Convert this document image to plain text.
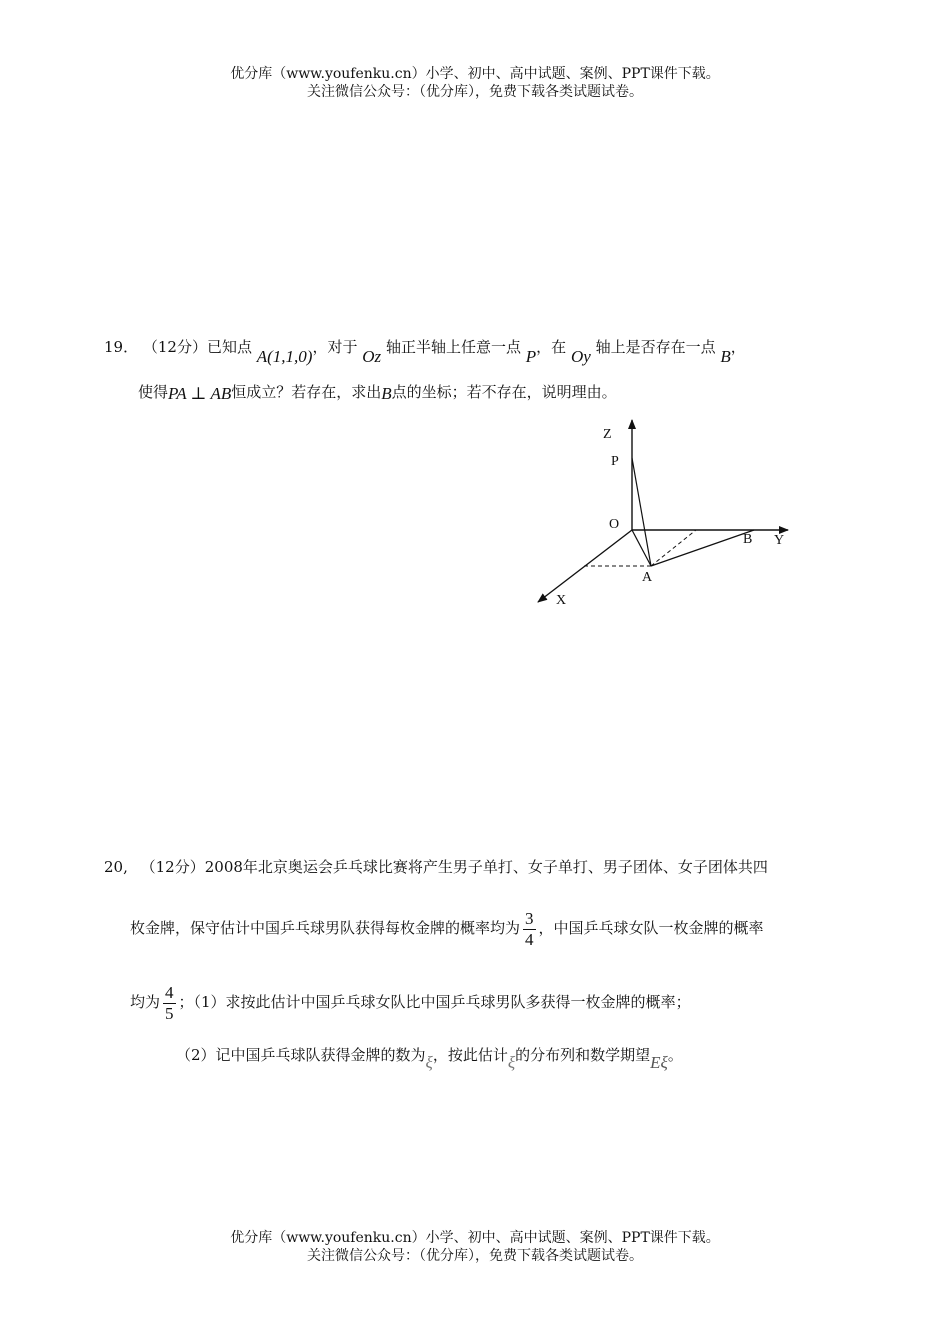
优分库（www.youfenku.cn）小学、初中、高中试题、案例、PPT课件下载。
关注微信公众号：（优分库），免费下载各类试题试卷。
19． （12分）已知点 A(1,1,0)，对于 Oz 轴正半轴上任意一点 P，在 Oy 轴上是否存在一点 B，
使得PA ⊥ AB恒成立？若存在，求出B点的坐标；若不存在，说明理由。
Z
P
O
B Y
A
X
20, （12分）2008年北京奥运会乒乓球比赛将产生男子单打、女子单打、男子团体、女子团体共四
枚金牌，保守估计中国乒乓球男队获得每枚金牌的概率均为 $\frac{3}{4}$ ，中国乒乓球女队一枚金牌的概率
均为 $\frac{4}{5}$ ；（1）求按此估计中国乒乓球女队比中国乒乓球男队多获得一枚金牌的概率；
（2）记中国乒乓球队获得金牌的数为ξ，按此估计ξ的分布列和数学期望Eξ。
优分库（www.youfenku.cn）小学、初中、高中试题、案例、PPT课件下载。
关注微信公众号：（优分库），免费下载各类试题试卷。
